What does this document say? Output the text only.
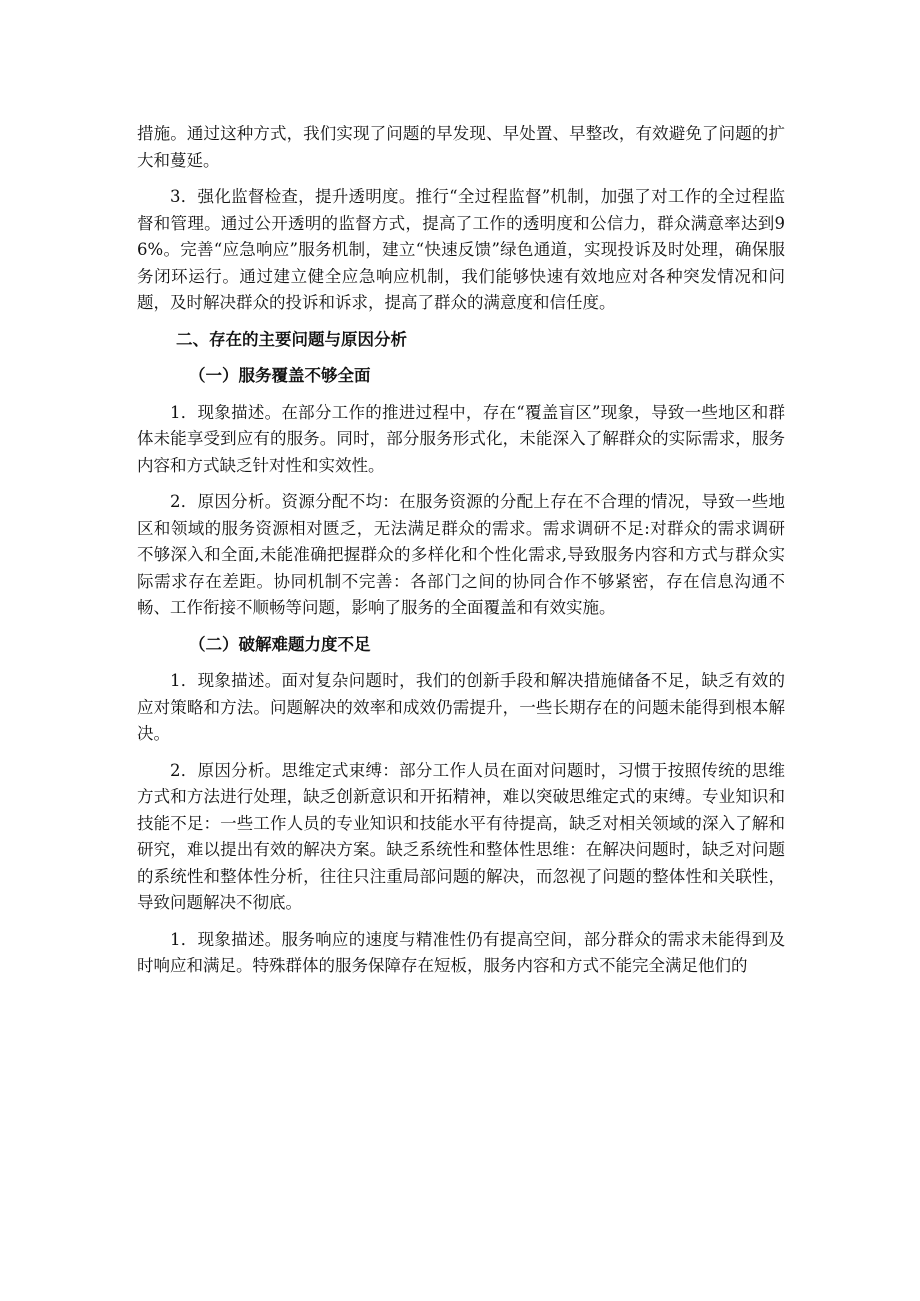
措施。通过这种方式，我们实现了问题的早发现、早处置、早整改，有效避免了问题的扩大和蔓延。

3．强化监督检查，提升透明度。推行“全过程监督”机制，加强了对工作的全过程监督和管理。通过公开透明的监督方式，提高了工作的透明度和公信力，群众满意率达到96%。完善“应急响应”服务机制，建立“快速反馈”绿色通道，实现投诉及时处理，确保服务闭环运行。通过建立健全应急响应机制，我们能够快速有效地应对各种突发情况和问题，及时解决群众的投诉和诉求，提高了群众的满意度和信任度。

二、存在的主要问题与原因分析
（一）服务覆盖不够全面

1．现象描述。在部分工作的推进过程中，存在“覆盖盲区”现象，导致一些地区和群体未能享受到应有的服务。同时，部分服务形式化，未能深入了解群众的实际需求，服务内容和方式缺乏针对性和实效性。

2．原因分析。资源分配不均：在服务资源的分配上存在不合理的情况，导致一些地区和领域的服务资源相对匮乏，无法满足群众的需求。需求调研不足:对群众的需求调研不够深入和全面,未能准确把握群众的多样化和个性化需求,导致服务内容和方式与群众实际需求存在差距。协同机制不完善：各部门之间的协同合作不够紧密，存在信息沟通不畅、工作衔接不顺畅等问题，影响了服务的全面覆盖和有效实施。

（二）破解难题力度不足

1．现象描述。面对复杂问题时，我们的创新手段和解决措施储备不足，缺乏有效的应对策略和方法。问题解决的效率和成效仍需提升，一些长期存在的问题未能得到根本解决。

2．原因分析。思维定式束缚：部分工作人员在面对问题时，习惯于按照传统的思维方式和方法进行处理，缺乏创新意识和开拓精神，难以突破思维定式的束缚。专业知识和技能不足：一些工作人员的专业知识和技能水平有待提高，缺乏对相关领域的深入了解和研究，难以提出有效的解决方案。缺乏系统性和整体性思维：在解决问题时，缺乏对问题的系统性和整体性分析，往往只注重局部问题的解决，而忽视了问题的整体性和关联性，导致问题解决不彻底。

1．现象描述。服务响应的速度与精准性仍有提高空间，部分群众的需求未能得到及时响应和满足。特殊群体的服务保障存在短板，服务内容和方式不能完全满足他们的
